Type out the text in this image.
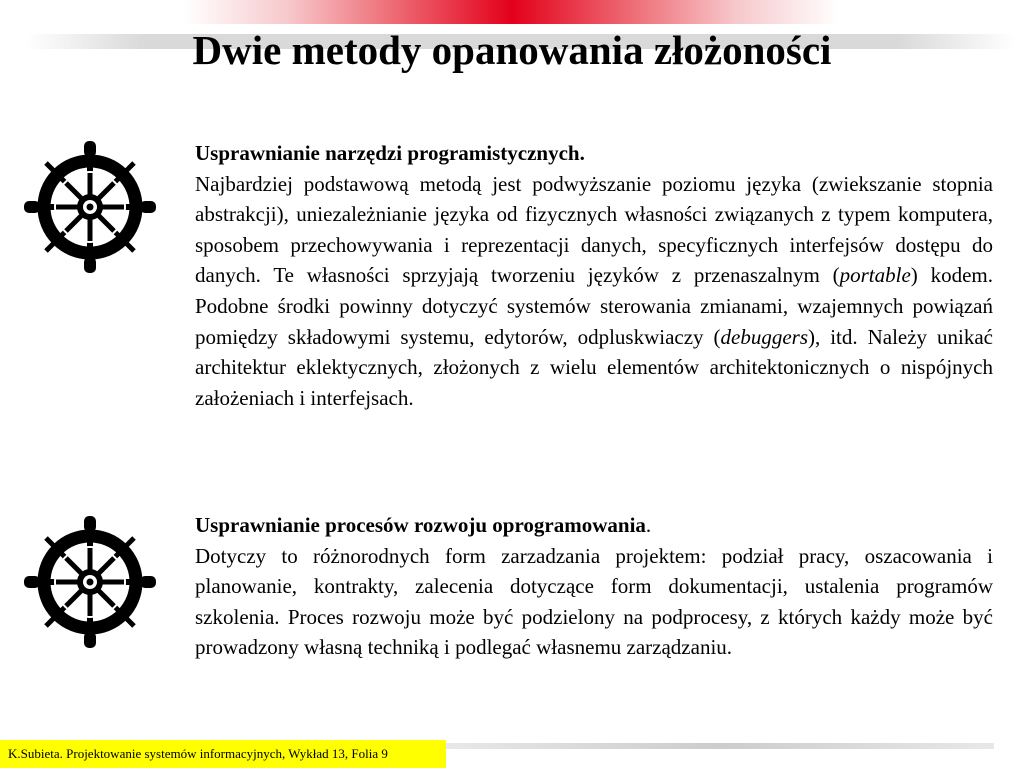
Dwie metody opanowania złożoności

Usprawnianie narzędzi programistycznych.

Najbardziej podstawową metodą jest podwyższanie poziomu języka (zwiekszanie stopnia abstrakcji), uniezależnianie języka od fizycznych własności związanych z typem komputera, sposobem przechowywania i reprezentacji danych, specyficznych interfejsów dostępu do danych. Te własności sprzyjają tworzeniu języków z przenaszalnym (portable) kodem. Podobne środki powinny dotyczyć systemów sterowania zmianami, wzajemnych powiązań pomiędzy składowymi systemu, edytorów, odpluskwiaczy (debuggers), itd. Należy unikać architektur eklektycznych, złożonych z wielu elementów architektonicznych o nispójnych założeniach i interfejsach.

Usprawnianie procesów rozwoju oprogramowania.

Dotyczy to różnorodnych form zarzadzania projektem: podział pracy, oszacowania i planowanie, kontrakty, zalecenia dotyczące form dokumentacji, ustalenia programów szkolenia. Proces rozwoju może być podzielony na podprocesy, z których każdy może być prowadzony własną techniką i podlegać własnemu zarządzaniu.

K.Subieta. Projektowanie systemów informacyjnych, Wykład 13, Folia 9
